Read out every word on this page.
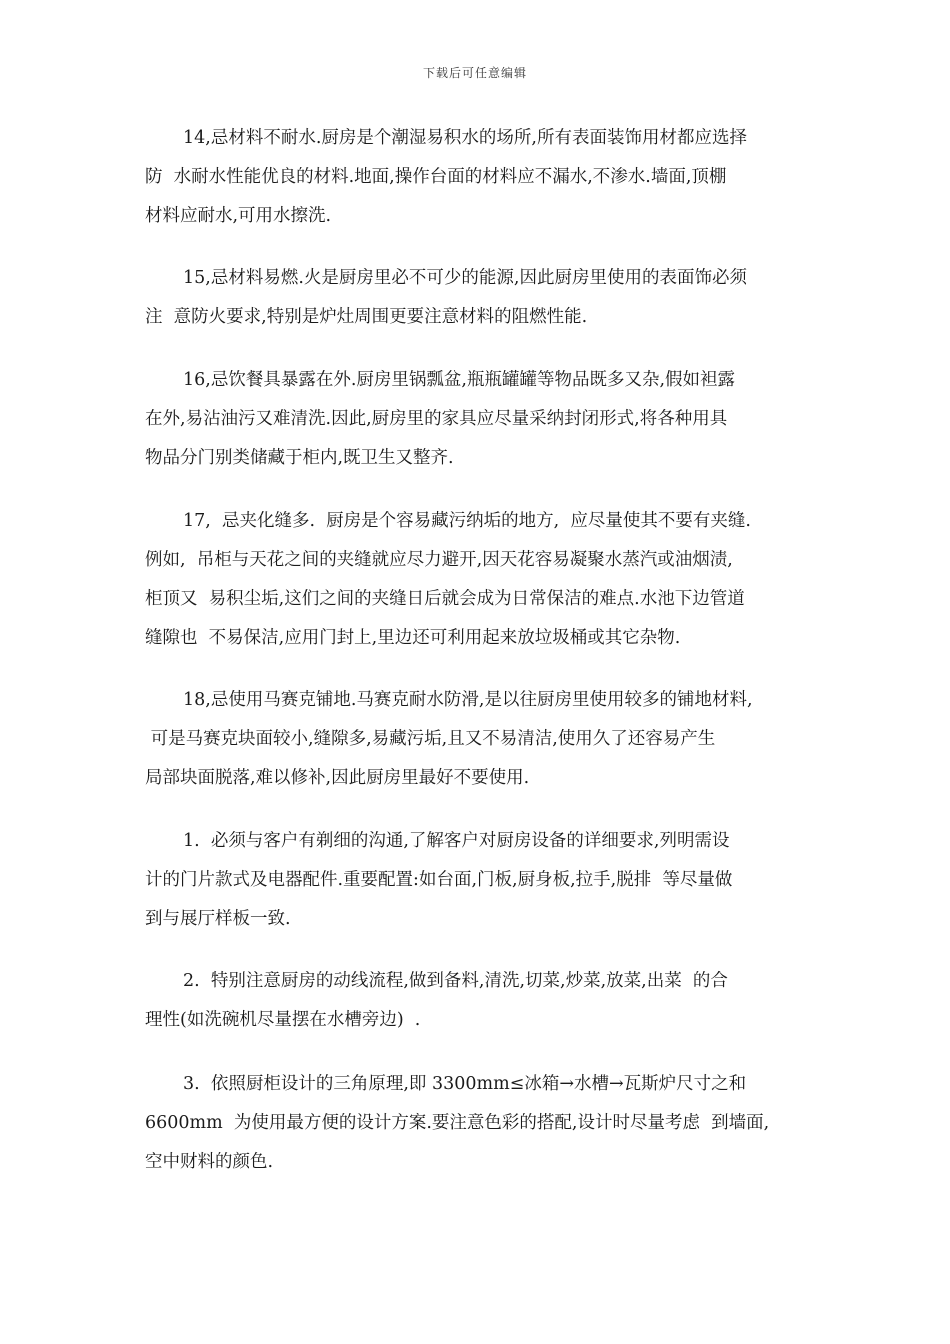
下载后可任意编辑
14,忌材料不耐水.厨房是个潮湿易积水的场所,所有表面装饰用材都应选择
防  水耐水性能优良的材料.地面,操作台面的材料应不漏水,不渗水.墙面,顶棚
材料应耐水,可用水擦洗.
15,忌材料易燃.火是厨房里必不可少的能源,因此厨房里使用的表面饰必须
注  意防火要求,特别是炉灶周围更要注意材料的阻燃性能.
16,忌饮餐具暴露在外.厨房里锅瓢盆,瓶瓶罐罐等物品既多又杂,假如袒露
在外,易沾油污又难清洗.因此,厨房里的家具应尽量采纳封闭形式,将各种用具
物品分门别类储藏于柜内,既卫生又整齐.
17,  忌夹化缝多.  厨房是个容易藏污纳垢的地方,  应尽量使其不要有夹缝.
例如,  吊柜与天花之间的夹缝就应尽力避开,因天花容易凝聚水蒸汽或油烟渍,
柜顶又  易积尘垢,这们之间的夹缝日后就会成为日常保洁的难点.水池下边管道
缝隙也  不易保洁,应用门封上,里边还可利用起来放垃圾桶或其它杂物.
18,忌使用马赛克铺地.马赛克耐水防滑,是以往厨房里使用较多的铺地材料,
可是马赛克块面较小,缝隙多,易藏污垢,且又不易清洁,使用久了还容易产生
局部块面脱落,难以修补,因此厨房里最好不要使用.
1.  必须与客户有剃细的沟通,了解客户对厨房设备的详细要求,列明需设
计的门片款式及电器配件.重要配置:如台面,门板,厨身板,拉手,脱排  等尽量做
到与展厅样板一致.
2.  特别注意厨房的动线流程,做到备料,清洗,切菜,炒菜,放菜,出菜  的合
理性(如洗碗机尽量摆在水槽旁边)  .
3.  依照厨柜设计的三角原理,即 3300mm≤冰箱→水槽→瓦斯炉尺寸之和
6600mm  为使用最方便的设计方案.要注意色彩的搭配,设计时尽量考虑  到墙面,
空中财料的颜色.
